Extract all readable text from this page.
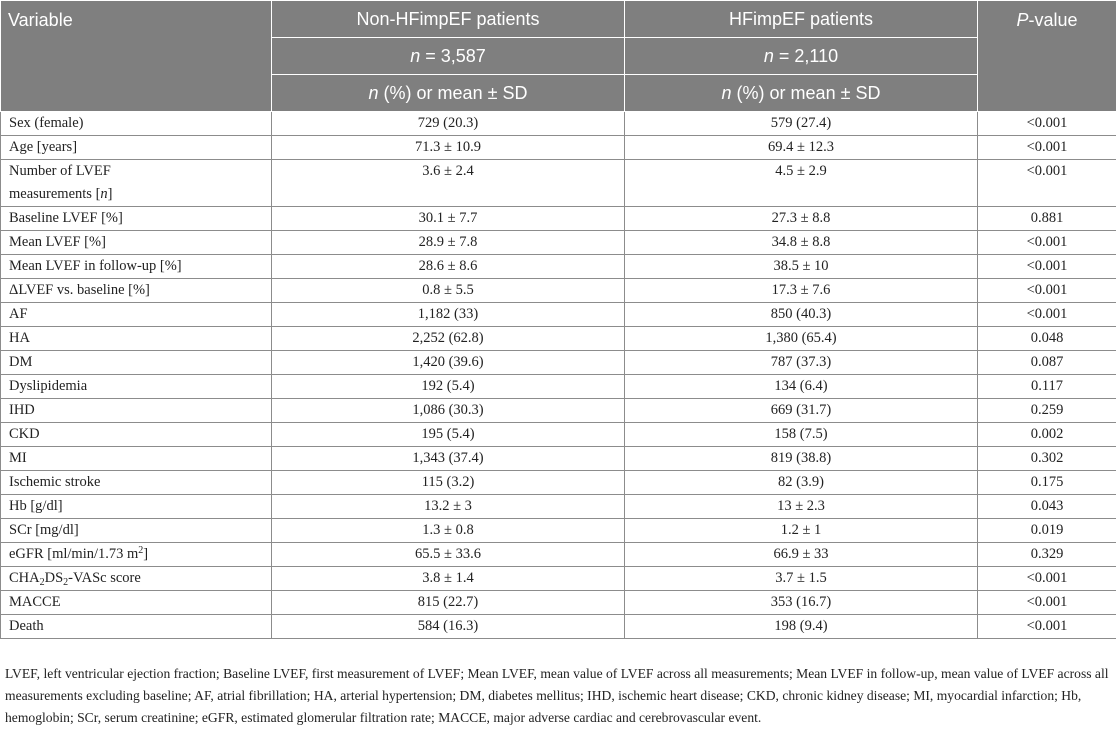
Variable	Non-HFimpEF patients	HFimpEF patients	P-value
	n = 3,587	n = 2,110	
	n (%) or mean ± SD	n (%) or mean ± SD	
Sex (female)	729 (20.3)	579 (27.4)	<0.001
Age [years]	71.3 ± 10.9	69.4 ± 12.3	<0.001
Number of LVEF
measurements [n]	3.6 ± 2.4	4.5 ± 2.9	<0.001
Baseline LVEF [%]	30.1 ± 7.7	27.3 ± 8.8	0.881
Mean LVEF [%]	28.9 ± 7.8	34.8 ± 8.8	<0.001
Mean LVEF in follow-up [%]	28.6 ± 8.6	38.5 ± 10	<0.001
ΔLVEF vs. baseline [%]	0.8 ± 5.5	17.3 ± 7.6	<0.001
AF	1,182 (33)	850 (40.3)	<0.001
HA	2,252 (62.8)	1,380 (65.4)	0.048
DM	1,420 (39.6)	787 (37.3)	0.087
Dyslipidemia	192 (5.4)	134 (6.4)	0.117
IHD	1,086 (30.3)	669 (31.7)	0.259
CKD	195 (5.4)	158 (7.5)	0.002
MI	1,343 (37.4)	819 (38.8)	0.302
Ischemic stroke	115 (3.2)	82 (3.9)	0.175
Hb [g/dl]	13.2 ± 3	13 ± 2.3	0.043
SCr [mg/dl]	1.3 ± 0.8	1.2 ± 1	0.019
eGFR [ml/min/1.73 $m^2$]	65.5 ± 33.6	66.9 ± 33	0.329
$CHA_2DS_2$-VASc score	3.8 ± 1.4	3.7 ± 1.5	<0.001
MACCE	815 (22.7)	353 (16.7)	<0.001
Death	584 (16.3)	198 (9.4)	<0.001
LVEF, left ventricular ejection fraction; Baseline LVEF, first measurement of LVEF; Mean LVEF, mean value of LVEF across all measurements; Mean LVEF in follow-up, mean value of LVEF across all measurements excluding baseline; AF, atrial fibrillation; HA, arterial hypertension; DM, diabetes mellitus; IHD, ischemic heart disease; CKD, chronic kidney disease; MI, myocardial infarction; Hb, hemoglobin; SCr, serum creatinine; eGFR, estimated glomerular filtration rate; MACCE, major adverse cardiac and cerebrovascular event.
